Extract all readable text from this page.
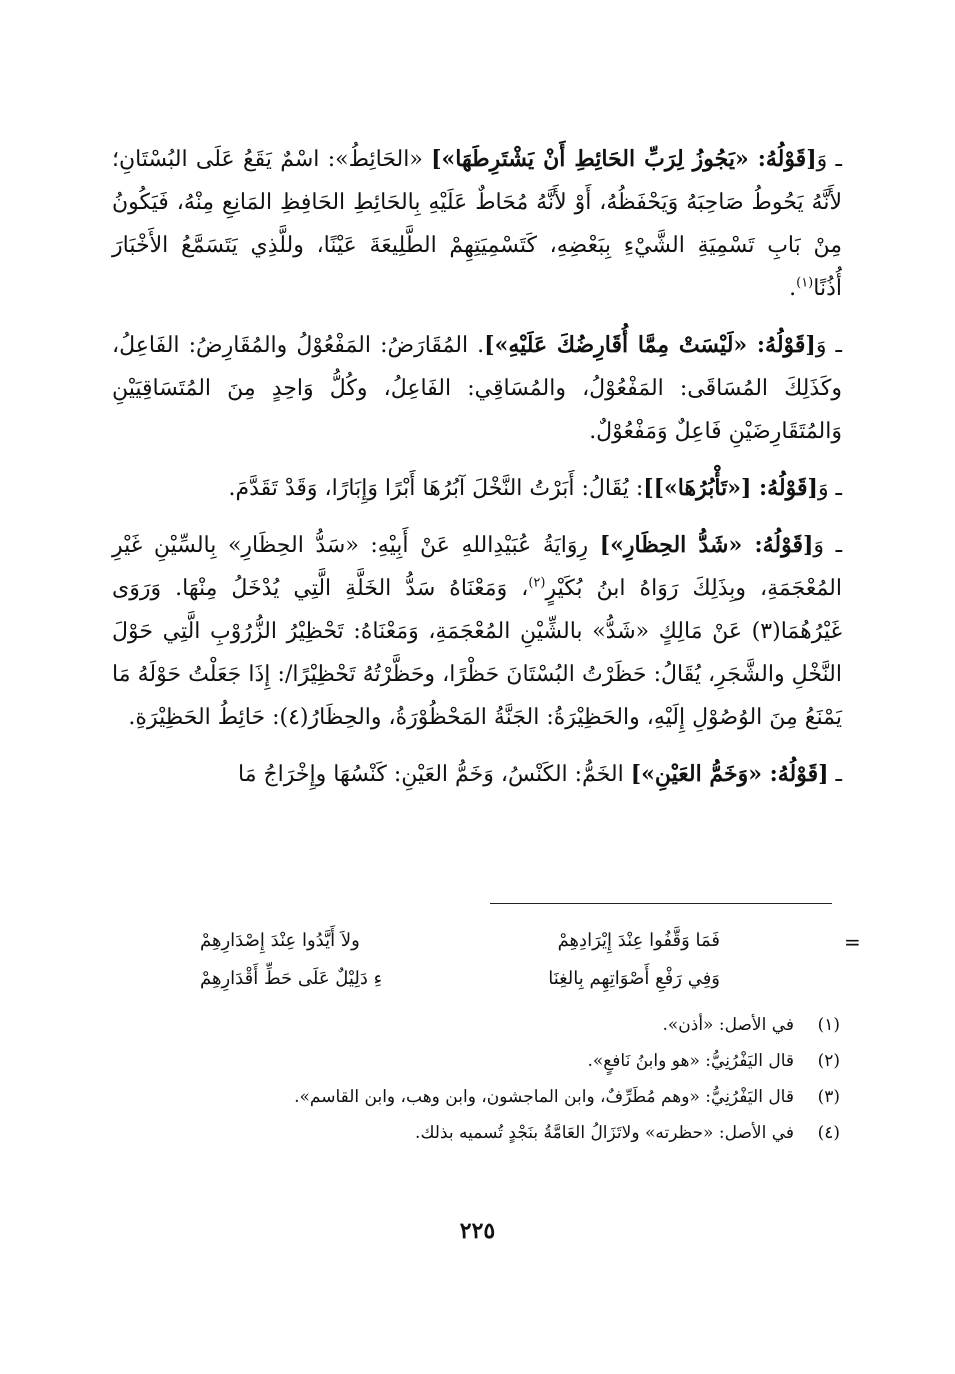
ـ وَ[قَوْلُهُ: «يَجُوزُ لِرَبِّ الحَائِطِ أَنْ يَشْتَرِطَهَا»] «الحَائِطُ»: اسْمٌ يَقَعُ عَلَى البُسْتَانِ؛ لأَنَّهُ يَحُوطُ صَاحِبَهُ وَيَحْفَظُهُ، أَوْ لأَنَّهُ مُحَاطٌ عَلَيْهِ بِالحَائِطِ الحَافِظِ المَانِعِ مِنْهُ، فَيَكُونُ مِنْ بَابِ تَسْمِيَةِ الشَّيْءِ بِبَعْضِهِ، كَتَسْمِيَتِهِمْ الطَّلِيعَةَ عَيْنًا، وللَّذِي يَتَسَمَّعُ الأَخْبَارَ أُذُنًا$^{(١)}$.

ـ وَ[قَوْلُهُ: «لَيْسَتْ مِمَّا أُقَارِضُكَ عَلَيْهِ»]. المُقَارَضُ: المَفْعُوْلُ والمُقَارِضُ: الفَاعِلُ، وكَذَلِكَ المُسَاقَى: المَفْعُوْلُ، والمُسَاقِي: الفَاعِلُ، وكُلُّ وَاحِدٍ مِنَ المُتَسَاقِيَيْنِ وَالمُتَقَارِضَيْنِ فَاعِلٌ وَمَفْعُوْلٌ.

ـ وَ[قَوْلُهُ: [«تَأْبُرُهَا»]]: يُقَالُ: أَبَرْتُ النَّخْلَ آبُرُهَا أَبْرًا وَإِبَارًا، وَقَدْ تَقَدَّمَ.

ـ وَ[قَوْلُهُ: «شَدُّ الحِظَارِ»] رِوَايَةُ عُبَيْدِاللهِ عَنْ أَبِيْهِ: «سَدُّ الحِظَارِ» بِالسِّيْنِ غَيْرِ المُعْجَمَةِ، وبِذَلِكَ رَوَاهُ ابنُ بُكَيْرٍ$^{(٢)}$، وَمَعْنَاهُ سَدُّ الخَلَّةِ الَّتِي يُدْخَلُ مِنْهَا. وَرَوَى غَيْرُهُمَا(٣) عَنْ مَالِكٍ «شَدُّ» بالشِّيْنِ المُعْجَمَةِ، وَمَعْنَاهُ: تَحْظِيْرُ الزُّرُوْبِ الَّتِي حَوْلَ النَّخْلِ والشَّجَرِ، يُقَالُ: حَظَرْتُ البُسْتَانَ حَظْرًا، وحَظَّرْتُهُ تَحْظِيْرًا/: إِذَا جَعَلْتُ حَوْلَهُ مَا يَمْنَعُ مِنَ الوُصُوْلِ إِلَيْهِ، والحَظِيْرَةُ: الجَنَّةُ المَحْظُوْرَةُ، والحِظَارُ(٤): حَائِطُ الحَظِيْرَةِ.

ـ [قَوْلُهُ: «وَخَمُّ العَيْنِ»] الخَمُّ: الكَنْسُ، وَخَمُّ العَيْنِ: كَنْسُهَا وإِخْرَاجُ مَا

=
فَمَا وَقَّفُوا عِنْدَ إِيْرَادِهِمْ
ولاَ أَيَّدُوا عِنْدَ إِصْدَارِهِمْ
وَفِي رَفْعِ أَصْوَاتِهِم بِالغِنَا
ءِ دَلِيْلٌ عَلَى حَطِّ أَقْدَارِهِمْ
(١)
في الأصل: «أذن».
(٢)
قال اليَفْرُنِيُّ: «هو وابنُ نَافعٍ».
(٣)
قال اليَفْرُنِيُّ: «وهم مُطَرِّفٌ، وابن الماجشون، وابن وهب، وابن القاسم».
(٤)
في الأصل: «حظرته» ولاتَزَالُ العَامَّةُ بنَجْدٍ تُسميه بذلك.
٢٢٥
